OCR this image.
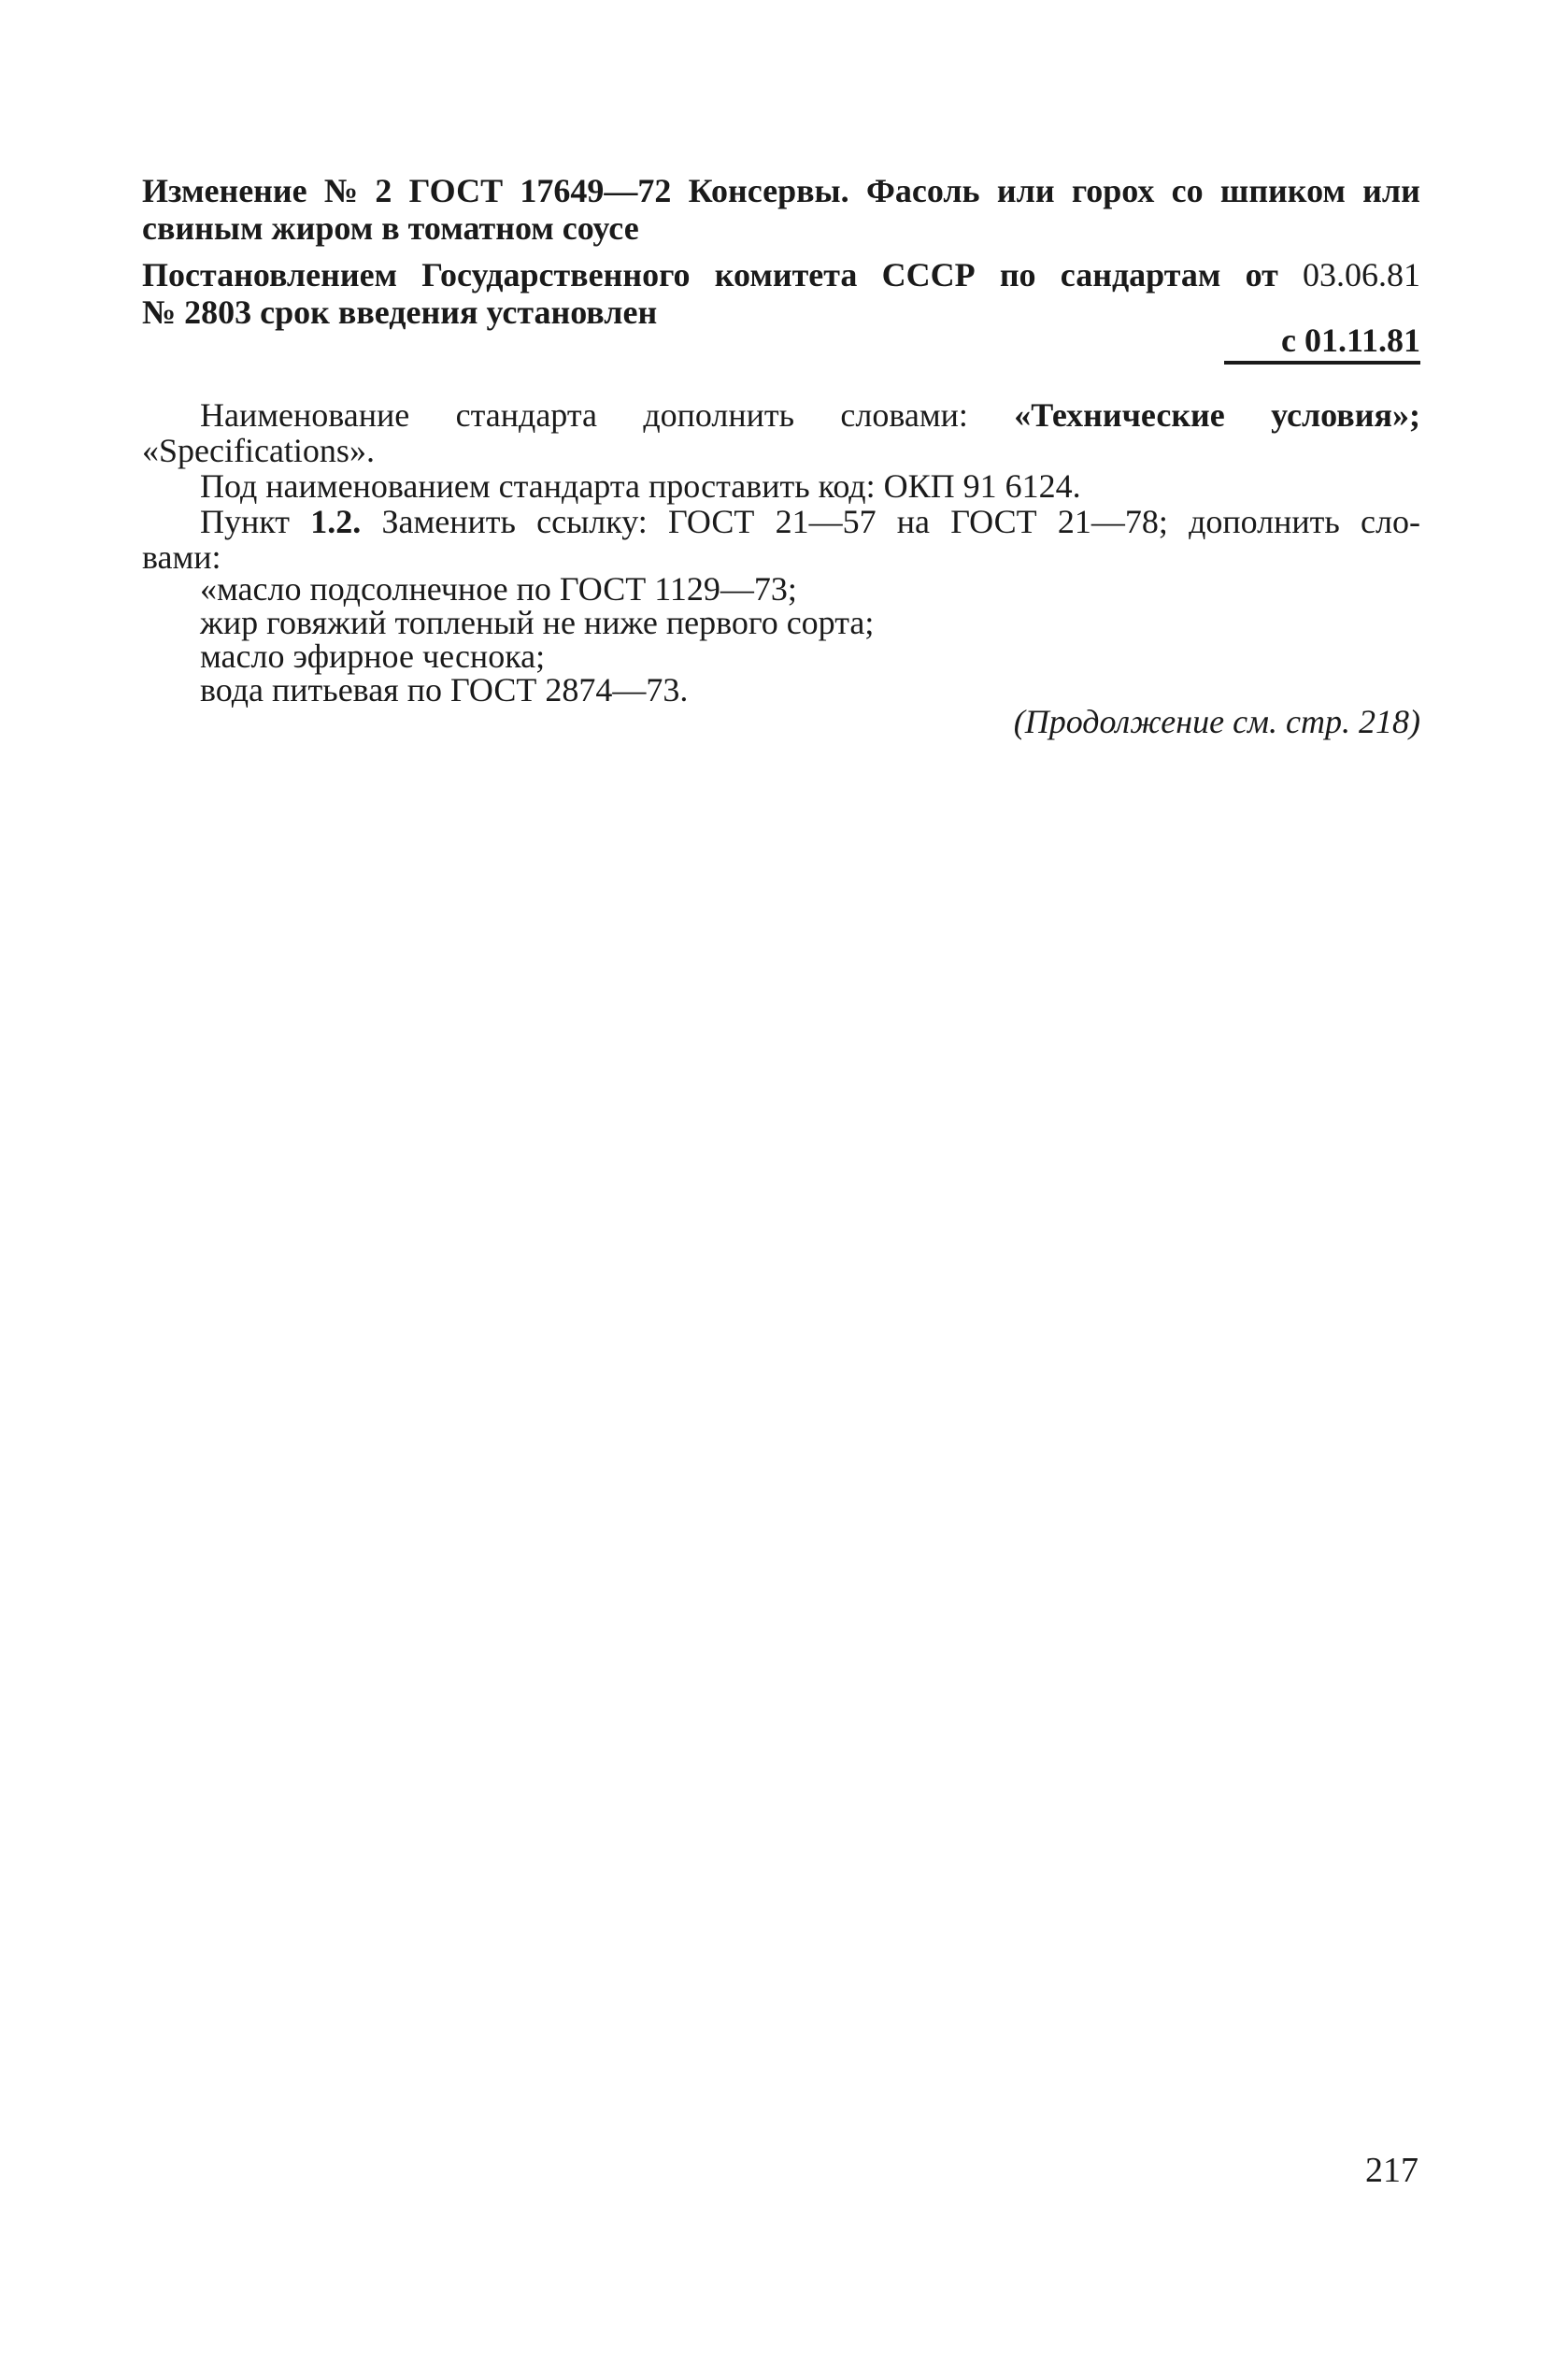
Изменение № 2 ГОСТ 17649—72 Консервы. Фасоль или горох со шпиком или
свиным жиром в томатном соусе
Постановлением Государственного комитета СССР по сандартам от 03.06.81
№ 2803 срок введения установлен
с 01.11.81
Наименование стандарта дополнить словами: «Технические условия»;
«Specifications».
Под наименованием стандарта проставить код: ОКП 91 6124.
Пункт 1.2. Заменить ссылку: ГОСТ 21—57 на ГОСТ 21—78; дополнить сло-
вами:
«масло подсолнечное по ГОСТ 1129—73;
жир говяжий топленый не ниже первого сорта;
масло эфирное чеснока;
вода питьевая по ГОСТ 2874—73.
(Продолжение см. стр. 218)
217
